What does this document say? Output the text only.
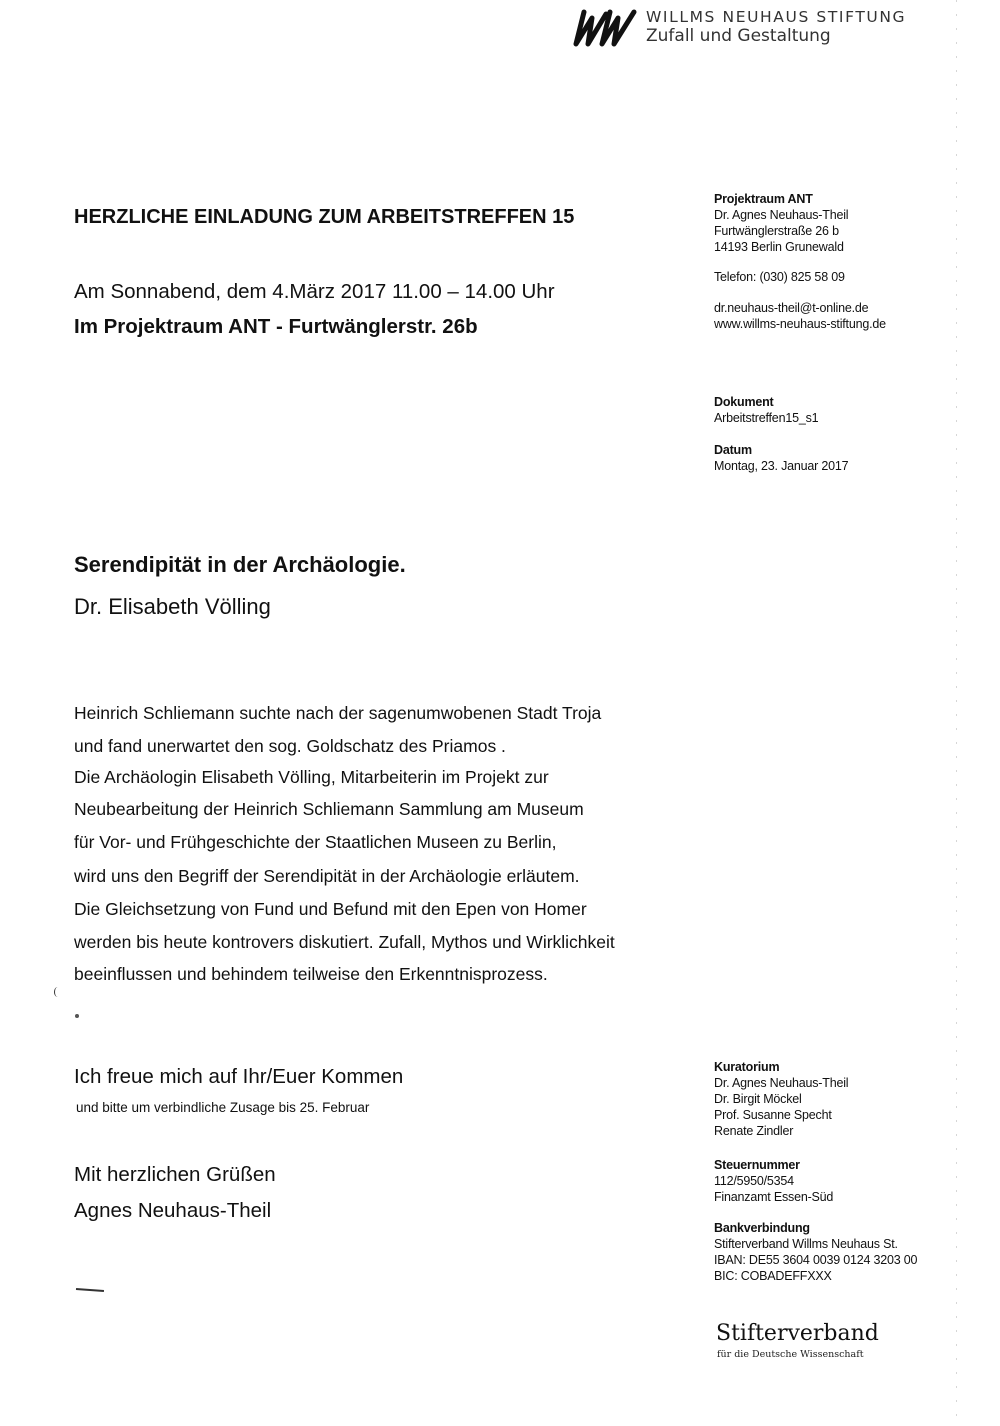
WILLMS NEUHAUS STIFTUNG
Zufall und Gestaltung
HERZLICHE EINLADUNG ZUM ARBEITSTREFFEN 15
Am Sonnabend, dem 4.März 2017 11.00 – 14.00 Uhr
Im Projektraum ANT - Furtwänglerstr. 26b
Projektraum ANT
Dr. Agnes Neuhaus-Theil
Furtwänglerstraße 26 b
14193 Berlin Grunewald
Telefon: (030) 825 58 09
dr.neuhaus-theil@t-online.de
www.willms-neuhaus-stiftung.de
Dokument
Arbeitstreffen15_s1
Datum
Montag, 23. Januar 2017
Serendipität in der Archäologie.
Dr. Elisabeth Völling
Heinrich Schliemann suchte nach der sagenumwobenen Stadt Troja
und fand unerwartet den sog. Goldschatz des Priamos .
Die Archäologin Elisabeth Völling, Mitarbeiterin im Projekt zur
Neubearbeitung der Heinrich Schliemann Sammlung am Museum
für Vor- und Frühgeschichte der Staatlichen Museen zu Berlin,
wird uns den Begriff der Serendipität in der Archäologie erläutem.
Die Gleichsetzung von Fund und Befund mit den Epen von Homer
werden bis heute kontrovers diskutiert. Zufall, Mythos und Wirklichkeit
beeinflussen und behindem teilweise den Erkenntnisprozess.
Ich freue mich auf Ihr/Euer Kommen
und bitte um verbindliche Zusage bis 25. Februar
Mit herzlichen Grüßen
Agnes Neuhaus-Theil
Kuratorium
Dr. Agnes Neuhaus-Theil
Dr. Birgit Möckel
Prof. Susanne Specht
Renate Zindler
Steuernummer
112/5950/5354
Finanzamt Essen-Süd
Bankverbindung
Stifterverband Willms Neuhaus St.
IBAN: DE55 3604 0039 0124 3203 00
BIC: COBADEFFXXX
Stifterverband
für die Deutsche Wissenschaft
